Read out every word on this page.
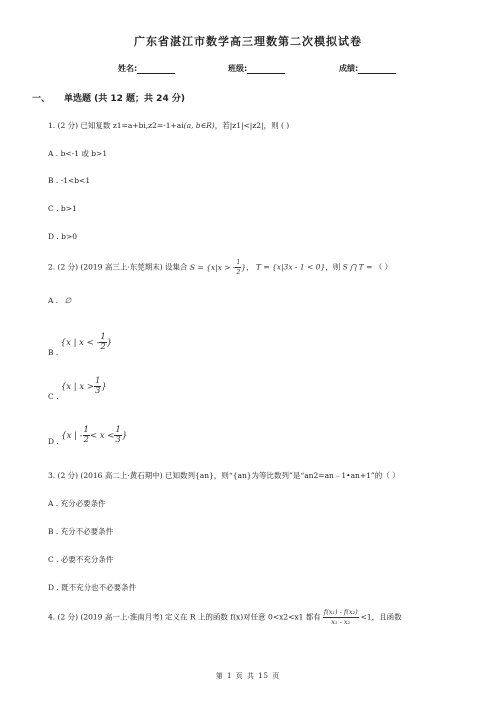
广东省湛江市数学高三理数第二次模拟试卷
姓名:	班级:	成绩:
一、 单选题 (共 12 题；共 24 分)
1. (2 分) 已知复数 z1=a+bi,z2=-1+ai(a, b∈R)，若|z1|<|z2|，则 ( )
A . b<-1 或 b>1
B . -1<b<1
C . b>1
D . b>0
2. (2 分) (2019 高三上·东莞期末) 设集合 S = {x|x > - $\frac{1}{2}$ }， T = {x|3x - 1 < 0}，则 S ⋂ T = （ ）
A . ∅
B . {x | x < - $\frac{1}{2}$ }
C . {x | $x > \frac{1}{3}$ }
D . {x | - $\frac{1}{2} < x < \frac{1}{3}$ }
3. (2 分) (2016 高二上·黄石期中) 已知数列{an}，则“{an}为等比数列”是“an2=an﹣1•an+1”的（ ）
A . 充分必要条件
B . 充分不必要条件
C . 必要不充分条件
D . 既不充分也不必要条件
4. (2 分) (2019 高一上·淮南月考) 定义在 R 上的函数 f(x)对任意 0<x2<x1 都有 $\frac{\text{f(x₁) - f(x₂)}}{\text{x₁ - x₂}} <1$，且函数
第 1 页 共 15 页
